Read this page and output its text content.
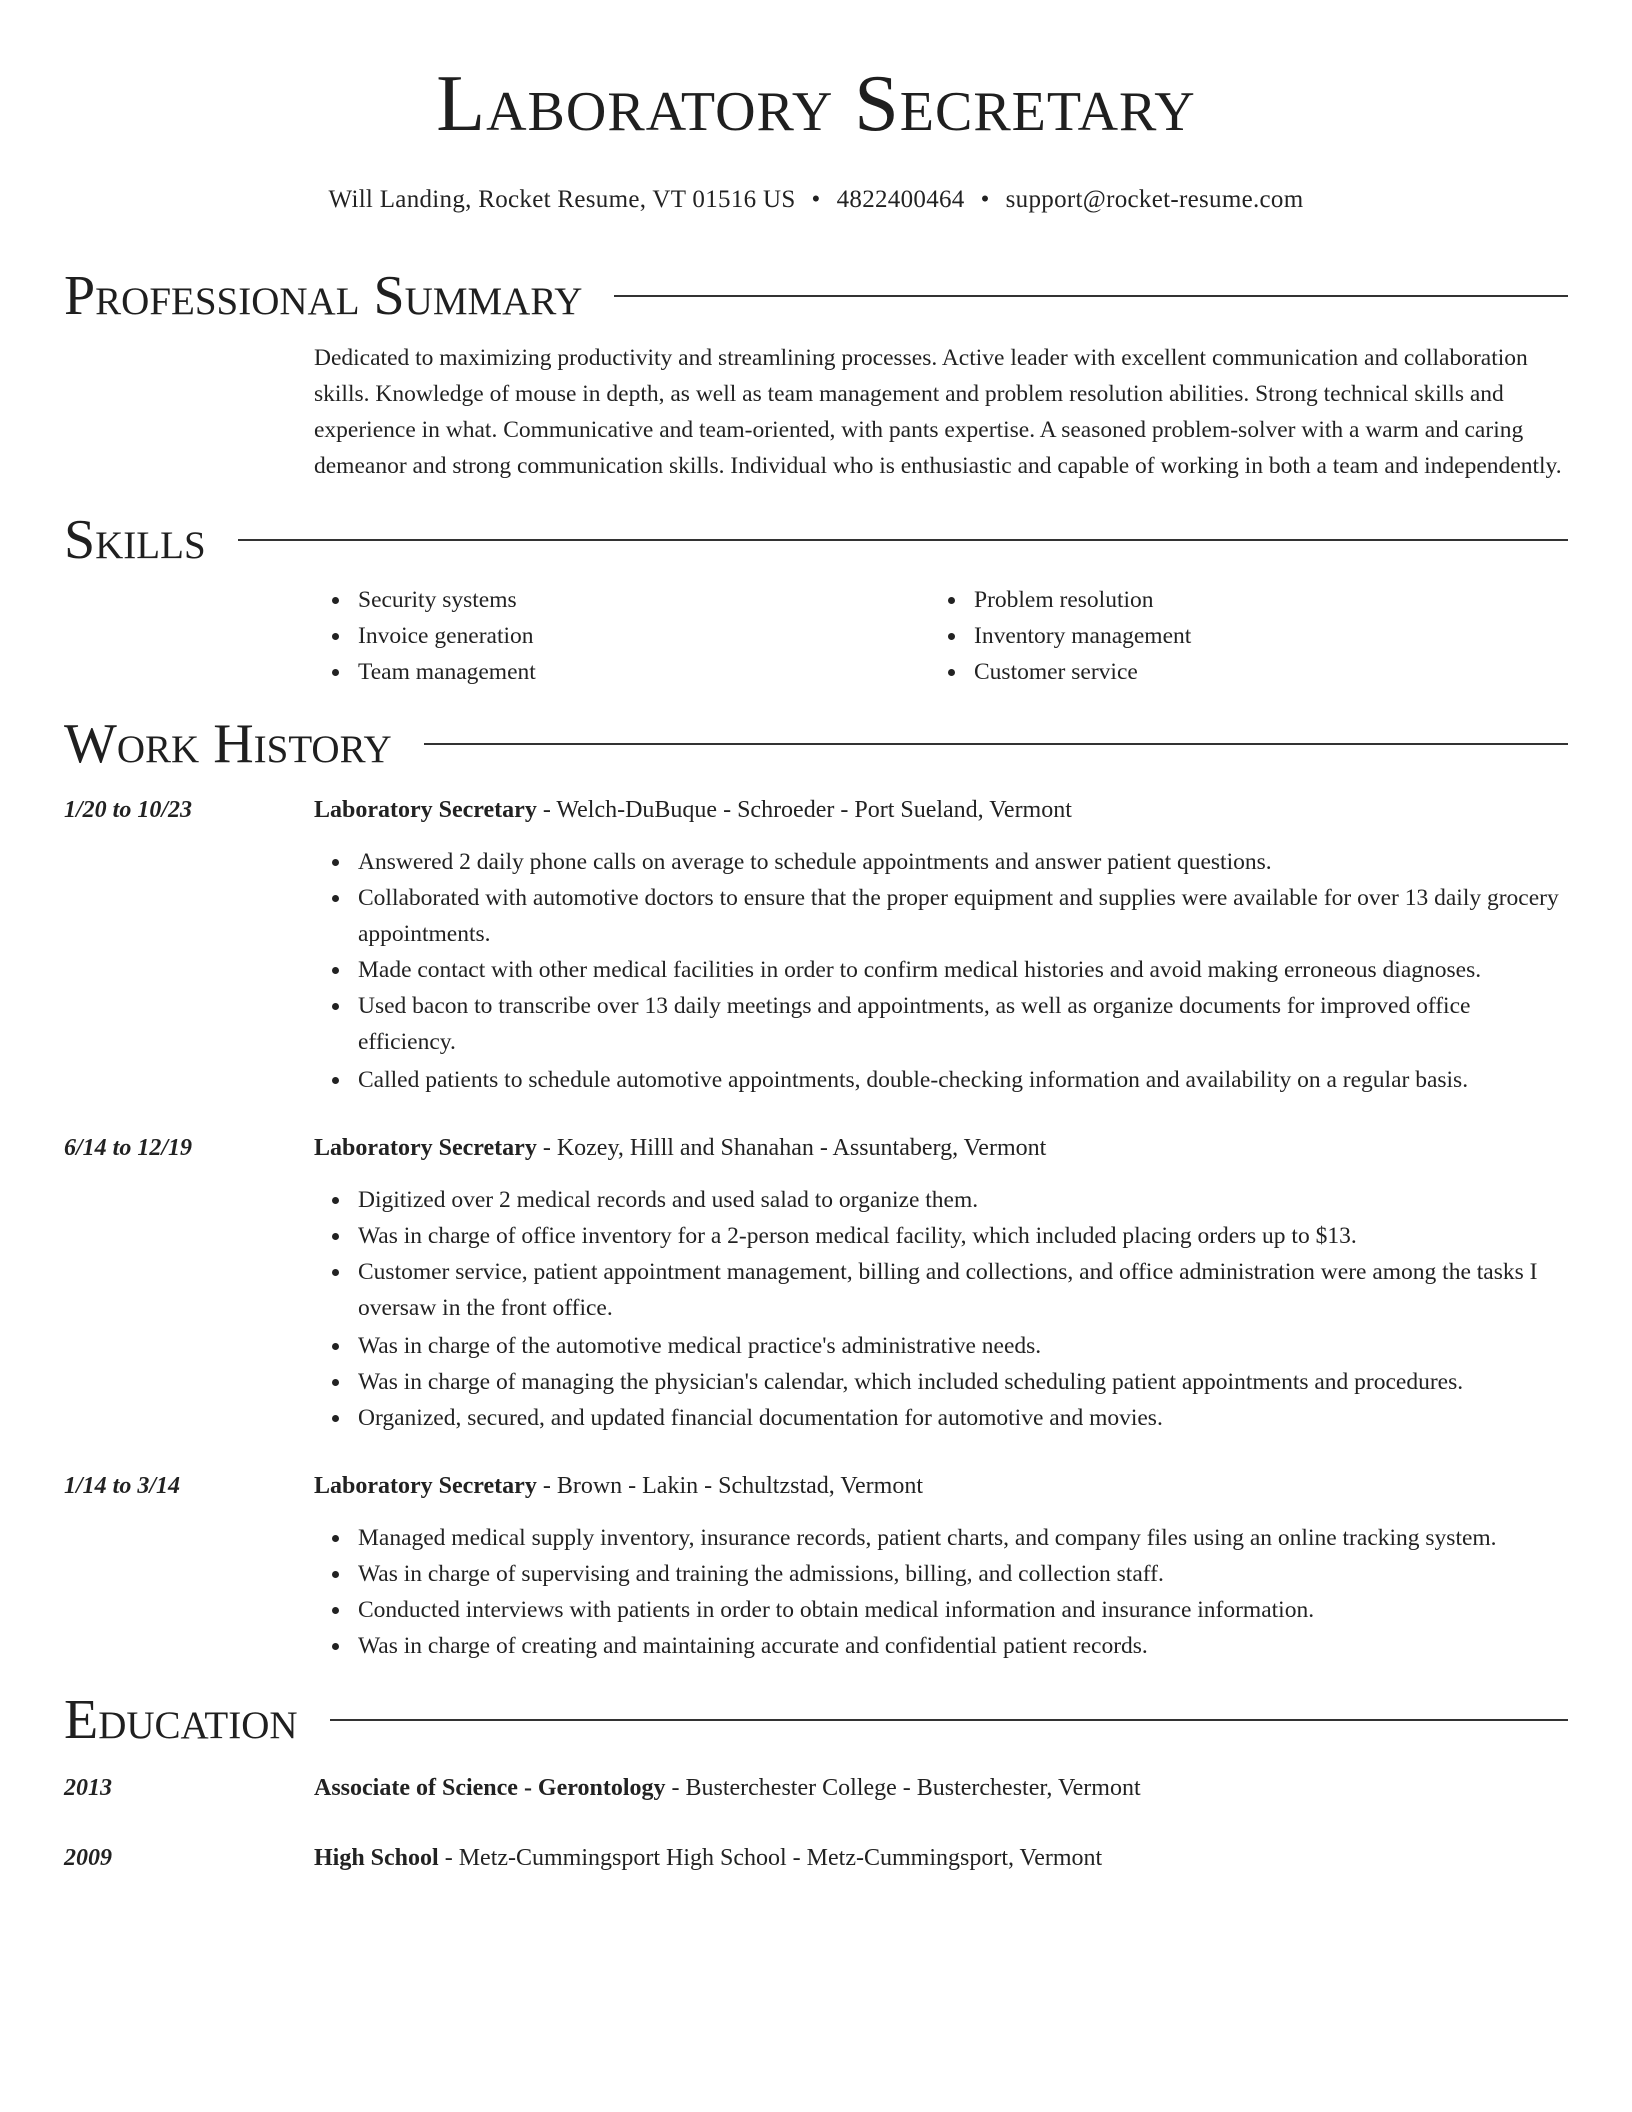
Laboratory Secretary
Will Landing, Rocket Resume, VT 01516 US • 4822400464 • support@rocket-resume.com
Professional Summary
Dedicated to maximizing productivity and streamlining processes. Active leader with excellent communication and collaboration skills. Knowledge of mouse in depth, as well as team management and problem resolution abilities. Strong technical skills and experience in what. Communicative and team-oriented, with pants expertise. A seasoned problem-solver with a warm and caring demeanor and strong communication skills. Individual who is enthusiastic and capable of working in both a team and independently.
Skills
Security systems
Invoice generation
Team management
Problem resolution
Inventory management
Customer service
Work History
1/20 to 10/23	Laboratory Secretary - Welch-DuBuque - Schroeder - Port Sueland, Vermont
Answered 2 daily phone calls on average to schedule appointments and answer patient questions.
Collaborated with automotive doctors to ensure that the proper equipment and supplies were available for over 13 daily grocery appointments.
Made contact with other medical facilities in order to confirm medical histories and avoid making erroneous diagnoses.
Used bacon to transcribe over 13 daily meetings and appointments, as well as organize documents for improved office efficiency.
Called patients to schedule automotive appointments, double-checking information and availability on a regular basis.
6/14 to 12/19	Laboratory Secretary - Kozey, Hilll and Shanahan - Assuntaberg, Vermont
Digitized over 2 medical records and used salad to organize them.
Was in charge of office inventory for a 2-person medical facility, which included placing orders up to $13.
Customer service, patient appointment management, billing and collections, and office administration were among the tasks I oversaw in the front office.
Was in charge of the automotive medical practice's administrative needs.
Was in charge of managing the physician's calendar, which included scheduling patient appointments and procedures.
Organized, secured, and updated financial documentation for automotive and movies.
1/14 to 3/14	Laboratory Secretary - Brown - Lakin - Schultzstad, Vermont
Managed medical supply inventory, insurance records, patient charts, and company files using an online tracking system.
Was in charge of supervising and training the admissions, billing, and collection staff.
Conducted interviews with patients in order to obtain medical information and insurance information.
Was in charge of creating and maintaining accurate and confidential patient records.
Education
2013	Associate of Science - Gerontology - Busterchester College - Busterchester, Vermont
2009	High School - Metz-Cummingsport High School - Metz-Cummingsport, Vermont
